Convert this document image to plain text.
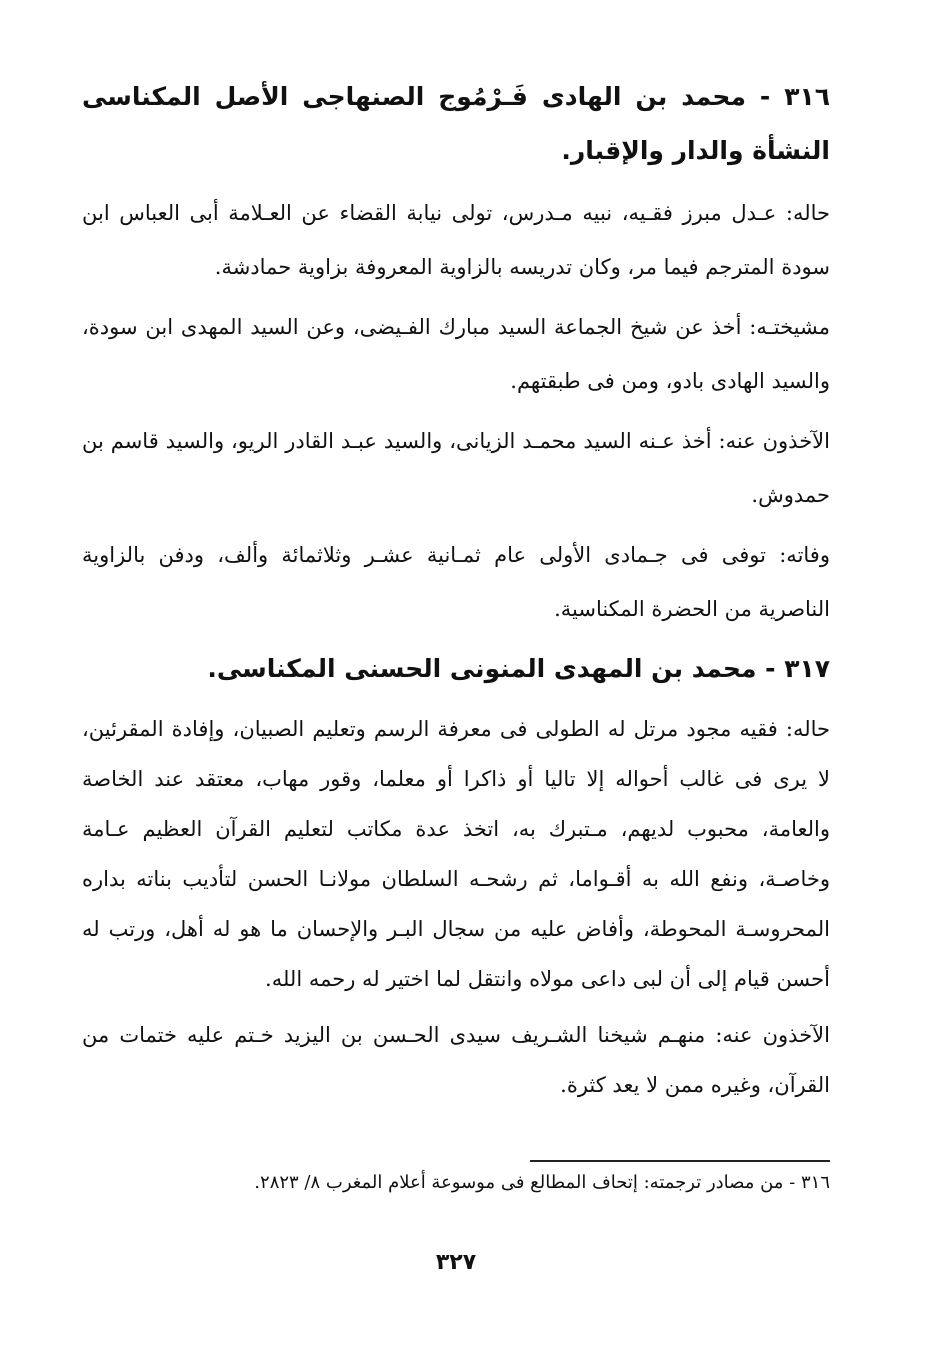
٣١٦ - محمد بن الهادى فَـرْمُوج الصنهاجى الأصل المكناسى النشأة والدار والإقبار.

حاله: عـدل مبرز فقـيه، نبيه مـدرس، تولى نيابة القضاء عن العـلامة أبى العباس ابن سودة المترجم فيما مر، وكان تدريسه بالزاوية المعروفة بزاوية حمادشة.

مشيختـه: أخذ عن شيخ الجماعة السيد مبارك الفـيضى، وعن السيد المهدى ابن سودة، والسيد الهادى بادو، ومن فى طبقتهم.

الآخذون عنه: أخذ عـنه السيد محمـد الزيانى، والسيد عبـد القادر الريو، والسيد قاسم بن حمدوش.

وفاته: توفى فى جـمادى الأولى عام ثمـانية عشـر وثلاثمائة وألف، ودفن بالزاوية الناصرية من الحضرة المكناسية.

٣١٧ - محمد بن المهدى المنونى الحسنى المكناسى.

حاله: فقيه مجود مرتل له الطولى فى معرفة الرسم وتعليم الصبيان، وإفادة المقرئين، لا يرى فى غالب أحواله إلا تاليا أو ذاكرا أو معلما، وقور مهاب، معتقد عند الخاصة والعامة، محبوب لديهم، مـتبرك به، اتخذ عدة مكاتب لتعليم القرآن العظيم عـامة وخاصـة، ونفع الله به أقـواما، ثم رشحـه السلطان مولانـا الحسن لتأديب بناته بداره المحروسـة المحوطة، وأفاض عليه من سجال البـر والإحسان ما هو له أهل، ورتب له أحسن قيام إلى أن لبى داعى مولاه وانتقل لما اختير له رحمه الله.

الآخذون عنه: منهـم شيخنا الشـريف سيدى الحـسن بن اليزيد خـتم عليه ختمات من القرآن، وغيره ممن لا يعد كثرة.

٣١٦ - من مصادر ترجمته: إتحاف المطالع فى موسوعة أعلام المغرب ٨/ ٢٨٢٣.
٣٢٧
